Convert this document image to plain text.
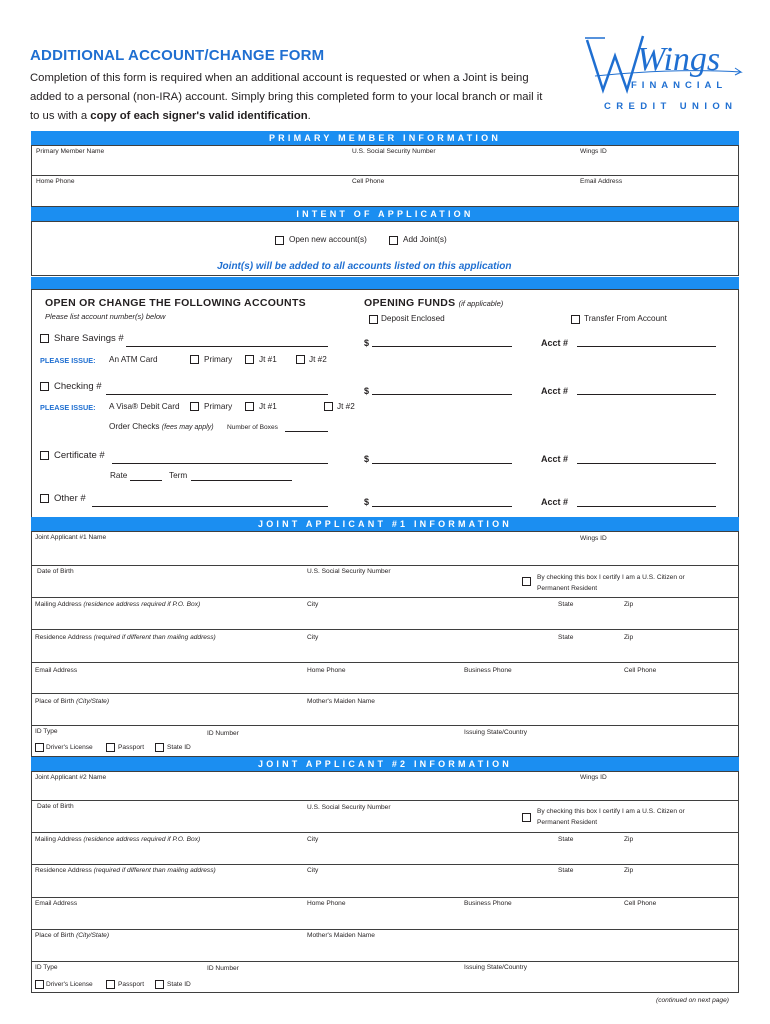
ADDITIONAL ACCOUNT/CHANGE FORM
Completion of this form is required when an additional account is requested or when a Joint is being added to a personal (non-IRA) account. Simply bring this completed form to your local branch or mail it to us with a copy of each signer's valid identification.
Wings
FINANCIAL
CREDIT UNION
PRIMARY MEMBER INFORMATION
Primary Member Name	U.S. Social Security Number	Wings ID
Home Phone	Cell Phone	Email Address
INTENT OF APPLICATION
Open new account(s)	Add Joint(s)
Joint(s) will be added to all accounts listed on this application
OPEN OR CHANGE THE FOLLOWING ACCOUNTS
Please list account number(s) below
OPENING FUNDS (if applicable)
Deposit Enclosed	Transfer From Account
Share Savings #	$	Acct #
PLEASE ISSUE: An ATM Card	Primary	Jt #1	Jt #2
Checking #	$	Acct #
PLEASE ISSUE: A Visa® Debit Card	Primary	Jt #1	Jt #2
Order Checks (fees may apply) Number of Boxes
Certificate #	$	Acct #
Rate	Term
Other #	$	Acct #
JOINT APPLICANT #1 INFORMATION
Joint Applicant #1 Name	Wings ID
Date of Birth	U.S. Social Security Number
By checking this box I certify I am a U.S. Citizen or
Permanent Resident
Mailing Address (residence address required if P.O. Box)	City	State	Zip
Residence Address (required if different than mailing address)	City	State	Zip
Email Address	Home Phone	Business Phone	Cell Phone
Place of Birth (City/State)	Mother's Maiden Name
ID Type	ID Number	Issuing State/Country
Driver's License	Passport	State ID
JOINT APPLICANT #2 INFORMATION
Joint Applicant #2 Name	Wings ID
Date of Birth	U.S. Social Security Number
By checking this box I certify I am a U.S. Citizen or
Permanent Resident
Mailing Address (residence address required if P.O. Box)	City	State	Zip
Residence Address (required if different than mailing address)	City	State	Zip
Email Address	Home Phone	Business Phone	Cell Phone
Place of Birth (City/State)	Mother's Maiden Name
ID Type	ID Number	Issuing State/Country
Driver's License	Passport	State ID
(continued on next page)
